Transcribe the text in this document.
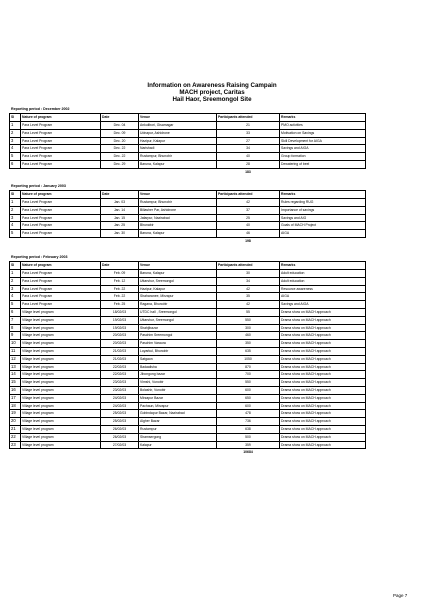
Information on Awareness Raising Campain
MACH project, Caritas
Hail Haor, Sreemongol Site
Reporting period : December 2002
Sl	Nature of program	Date	Venue	Participants attended	Remarks
1	Para Level Program	Dec. 04	Ankulibori, Gisamagar	21	PMO activities
2	Para Level Program	Dec. 09	Udnapur, Ashidrone	33	Motivation on Savings
3	Para Level Program	Dec. 20	Hazipur, Kalapur	27	Skill Development for AIGA
4	Para Level Program	Dec. 22	Narishadi	34	Savings and AIGA
5	Para Level Program	Dec. 22	Rustampur, Bhunobir	40	Group formation
6	Para Level Program	Dec. 29	Baruna, Kalapur	28	Dewatering of beel
				183	
Reporting period : January 2003
Sl	Nature of program	Date	Venue	Participants attended	Remarks
1	Para Level Program	Jan. 03	Rustampur, Bhunobir	42	Rules regarding RUG
2	Para Level Program	Jan. 14	Biliasher Par, Ashidrone	37	Importance of savings
3	Para Level Program	Jan. 15	Jafarpur, Nazirabad	25	Savings and AIG
4	Para Level Program	Jan. 25	Bhunabir	40	Goals of MACH Project
5	Para Level Program	Jan. 30	Baruna, Kalapur	46	AIGA
				198	
Reporting period : February 2003
Sl	Nature of program	Date	Venue	Participants attended	Remarks
1	Para Level Program	Feb. 09	Baruna, Kalapur	30	Adult education
2	Para Level Program	Feb. 12	Uttarshur, Sreemongol	34	Adult education
3	Para Level Program	Feb. 22	Hazipur, Kalapur	42	Resource awareness
4	Para Level Program	Feb. 22	Shaharanee, Mirzapur	35	AIGA
5	Para Level Program	Feb. 25	Ragana, Bhunobir	42	Savings and AIGA
6	Village level program	18/02/03	UTDC hall , Sreemongol	55	Drama show on MACH approach
7	Village level program	19/02/03	Uttarshur, Sreemongol	550	Drama show on MACH approach
8	Village level program	19/02/03	Shahjibazar	300	Drama show on MACH approach
9	Village level program	20/02/03	Paschim Sreemongol	460	Drama show on MACH approach
10	Village level program	20/02/03	Paschim Varaura	350	Drama show on MACH approach
11	Village level program	21/02/03	Loyarkul, Bhunobir	635	Drama show on MACH approach
12	Village level program	21/02/03	Satgaon	1050	Drama show on MACH approach
13	Village level program	22/02/03	Badaalisha	870	Drama show on MACH approach
14	Village level program	22/02/03	Jibongong bazar	700	Drama show on MACH approach
15	Village level program	23/02/03	Vimshi, Vunobir	550	Drama show on MACH approach
16	Village level program	23/02/03	Bolashir, Vunobir	600	Drama show on MACH approach
17	Village level program	24/02/03	Mirzapur Bazar	650	Drama show on MACH approach
18	Village level program	24/02/03	Pachaun, Mirzapur	600	Drama show on MACH approach
19	Village level program	25/02/03	Gobindapur Bazar, Nazirabad	478	Drama show on MACH approach
20	Village level program	25/02/03	Algher Bazar	736	Drama show on MACH approach
21	Village level program	26/02/03	Rustampur	638	Drama show on MACH approach
22	Village level program	26/02/03	Shamsergong	500	Drama show on MACH approach
23	Village level program	27/02/03	Kalapur	359	Drama show on MACH approach
				10684	
Page 7
